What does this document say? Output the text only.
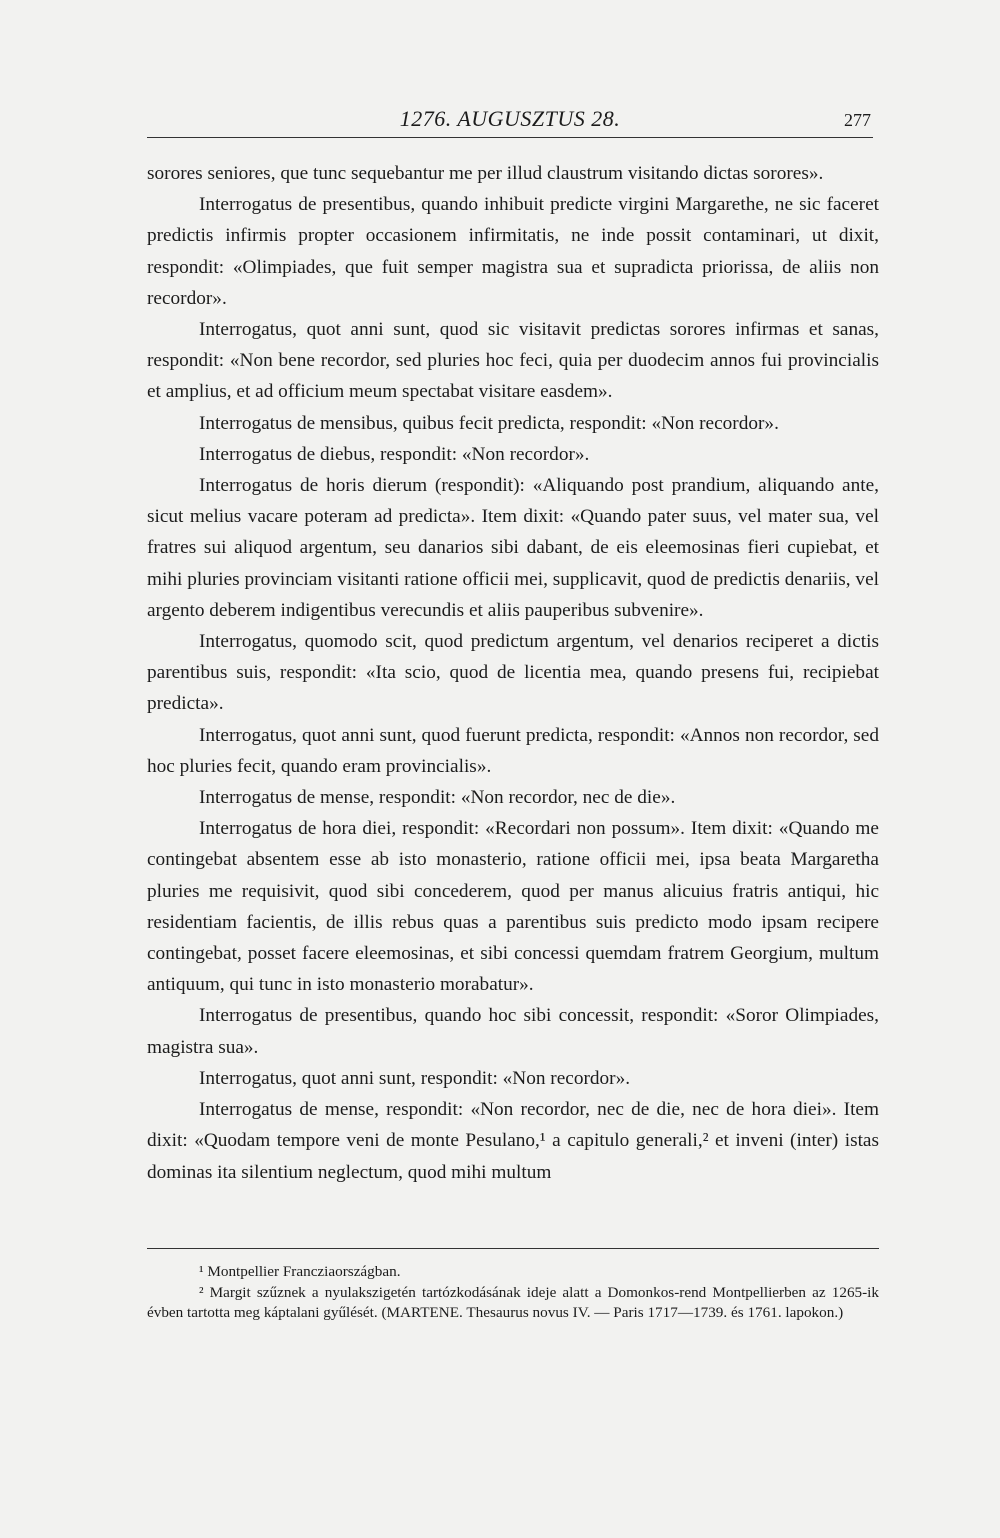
1276. AUGUSZTUS 28.	277

sorores seniores, que tunc sequebantur me per illud claustrum visitando dictas sorores».

Interrogatus de presentibus, quando inhibuit predicte virgini Margarethe, ne sic faceret predictis infirmis propter occasionem infirmitatis, ne inde possit contaminari, ut dixit, respondit: «Olimpiades, que fuit semper magistra sua et supradicta priorissa, de aliis non recordor».

Interrogatus, quot anni sunt, quod sic visitavit predictas sorores infirmas et sanas, respondit: «Non bene recordor, sed pluries hoc feci, quia per duodecim annos fui provincialis et amplius, et ad officium meum spectabat visitare easdem».

Interrogatus de mensibus, quibus fecit predicta, respondit: «Non recordor».

Interrogatus de diebus, respondit: «Non recordor».

Interrogatus de horis dierum (respondit): «Aliquando post prandium, aliquando ante, sicut melius vacare poteram ad predicta». Item dixit: «Quando pater suus, vel mater sua, vel fratres sui aliquod argentum, seu danarios sibi dabant, de eis eleemosinas fieri cupiebat, et mihi pluries provinciam visitanti ratione officii mei, supplicavit, quod de predictis denariis, vel argento deberem indigentibus verecundis et aliis pauperibus subvenire».

Interrogatus, quomodo scit, quod predictum argentum, vel denarios reciperet a dictis parentibus suis, respondit: «Ita scio, quod de licentia mea, quando presens fui, recipiebat predicta».

Interrogatus, quot anni sunt, quod fuerunt predicta, respondit: «Annos non recordor, sed hoc pluries fecit, quando eram provincialis».

Interrogatus de mense, respondit: «Non recordor, nec de die».

Interrogatus de hora diei, respondit: «Recordari non possum». Item dixit: «Quando me contingebat absentem esse ab isto monasterio, ratione officii mei, ipsa beata Margaretha pluries me requisivit, quod sibi concederem, quod per manus alicuius fratris antiqui, hic residentiam facientis, de illis rebus quas a parentibus suis predicto modo ipsam recipere contingebat, posset facere eleemosinas, et sibi concessi quemdam fratrem Georgium, multum antiquum, qui tunc in isto monasterio morabatur».

Interrogatus de presentibus, quando hoc sibi concessit, respondit: «Soror Olimpiades, magistra sua».

Interrogatus, quot anni sunt, respondit: «Non recordor».

Interrogatus de mense, respondit: «Non recordor, nec de die, nec de hora diei». Item dixit: «Quodam tempore veni de monte Pesulano,¹ a capitulo generali,² et inveni (inter) istas dominas ita silentium neglectum, quod mihi multum

¹ Montpellier Francziaországban.

² Margit szűznek a nyulakszigetén tartózkodásának ideje alatt a Domonkos-rend Montpellierben az 1265-ik évben tartotta meg káptalani gyűlését. (MARTENE. Thesaurus novus IV. — Paris 1717—1739. és 1761. lapokon.)
